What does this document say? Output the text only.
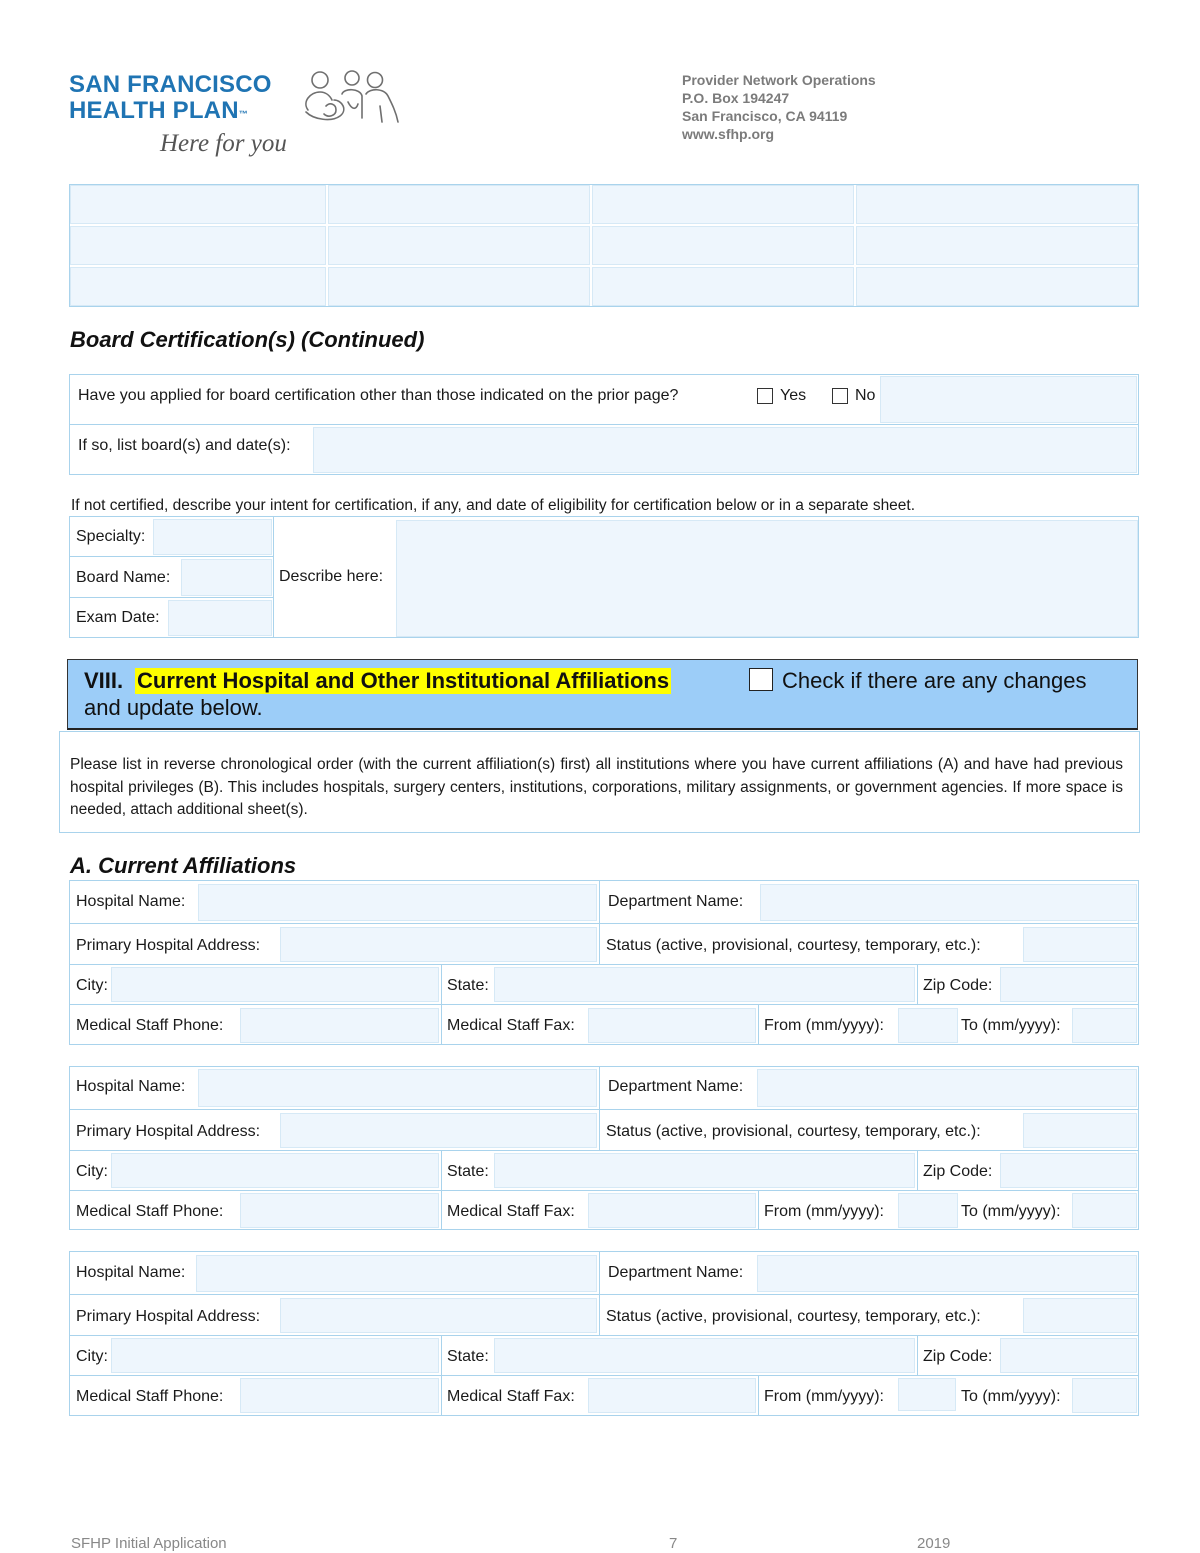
SAN FRANCISCO
HEALTH PLAN™
Here for you
Provider Network Operations
P.O. Box 194247
San Francisco, CA 94119
www.sfhp.org
Board Certification(s) (Continued)
Have you applied for board certification other than those indicated on the prior page?	Yes	No
If so, list board(s) and date(s):
If not certified, describe your intent for certification, if any, and date of eligibility for certification below or in a separate sheet.
Specialty:
Board Name:
Exam Date:
Describe here:
VIII. Current Hospital and Other Institutional Affiliations	Check if there are any changes
and update below.
Please list in reverse chronological order (with the current affiliation(s) first) all institutions where you have current affiliations (A) and have had previous hospital privileges (B). This includes hospitals, surgery centers, institutions, corporations, military assignments, or government agencies. If more space is needed, attach additional sheet(s).
A. Current Affiliations
Hospital Name:	Department Name:
Primary Hospital Address:	Status (active, provisional, courtesy, temporary, etc.):
City:	State:	Zip Code:
Medical Staff Phone:	Medical Staff Fax:	From (mm/yyyy):	To (mm/yyyy):
Hospital Name:	Department Name:
Primary Hospital Address:	Status (active, provisional, courtesy, temporary, etc.):
City:	State:	Zip Code:
Medical Staff Phone:	Medical Staff Fax:	From (mm/yyyy):	To (mm/yyyy):
Hospital Name:	Department Name:
Primary Hospital Address:	Status (active, provisional, courtesy, temporary, etc.):
City:	State:	Zip Code:
Medical Staff Phone:	Medical Staff Fax:	From (mm/yyyy):	To (mm/yyyy):
SFHP Initial Application	7	2019
